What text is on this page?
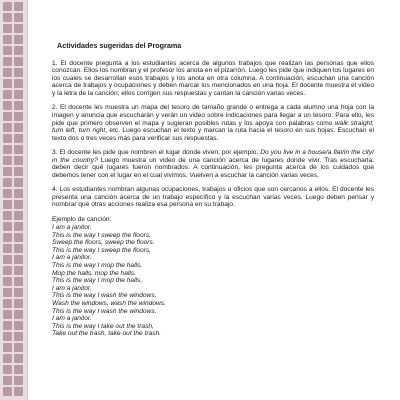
Actividades sugeridas del Programa

1. El docente pregunta a los estudiantes acerca de algunos trabajos que realizan las personas que ellos conozcan. Ellos los nombran y el profesor los anota en el pizarrón. Luego les pide que indiquen los lugares en los cuales se desarrollan esos trabajos y los anota en otra columna. A continuación, escuchan una canción acerca de trabajos y ocupaciones y deben marcar los mencionados en una hoja. El docente muestra el video y la letra de la canción; ellos corrigen sus respuestas y cantan la canción varias veces.

2. El docente les muestra un mapa del tesoro de tamaño grande o entrega a cada alumno una hoja con la imagen y anuncia que escucharán y verán un video sobre indicaciones para llegar a un tesoro. Para ello, les pide que primero observen el mapa y sugieran posibles rutas y los apoya con palabras como walk straight, turn left, turn right, etc. Luego escuchan el texto y marcan la ruta hacia el tesoro en sus hojas. Escuchan el texto dos o tres veces más para verificar sus respuestas.

3. El docente les pide que nombren el lugar donde viven; por ejemplo: Do you live in a house/a flat/in the city/ in the country? Luego muestra un video de una canción acerca de lugares donde vivir. Tras escucharla, deben decir qué lugares fueron nombrados. A continuación, les pregunta acerca de los cuidados que debemos tener con el lugar en el cual vivimos. Vuelven a escuchar la canción varias veces.

4. Los estudiantes nombran algunas ocupaciones, trabajos u oficios que son cercanos a ellos. El docente les presenta una canción acerca de un trabajo específico y la escuchan varias veces. Luego deben pensar y nombrar qué otras acciones realiza esa persona en su trabajo.

Ejemplo de canción:
I am a janitor.
This is the way I sweep the floors,
Sweep the floors, sweep the floors.
This is the way I sweep the floors,
I am a janitor.
This is the way I mop the halls,
Mop the halls, mop the halls.
This is the way I mop the halls,
I am a janitor.
This is the way I wash the windows,
Wash the windows, wash the windows.
This is the way I wash the windows,
I am a janitor.
This is the way I take out the trash,
Take out the trash, take out the trash.
